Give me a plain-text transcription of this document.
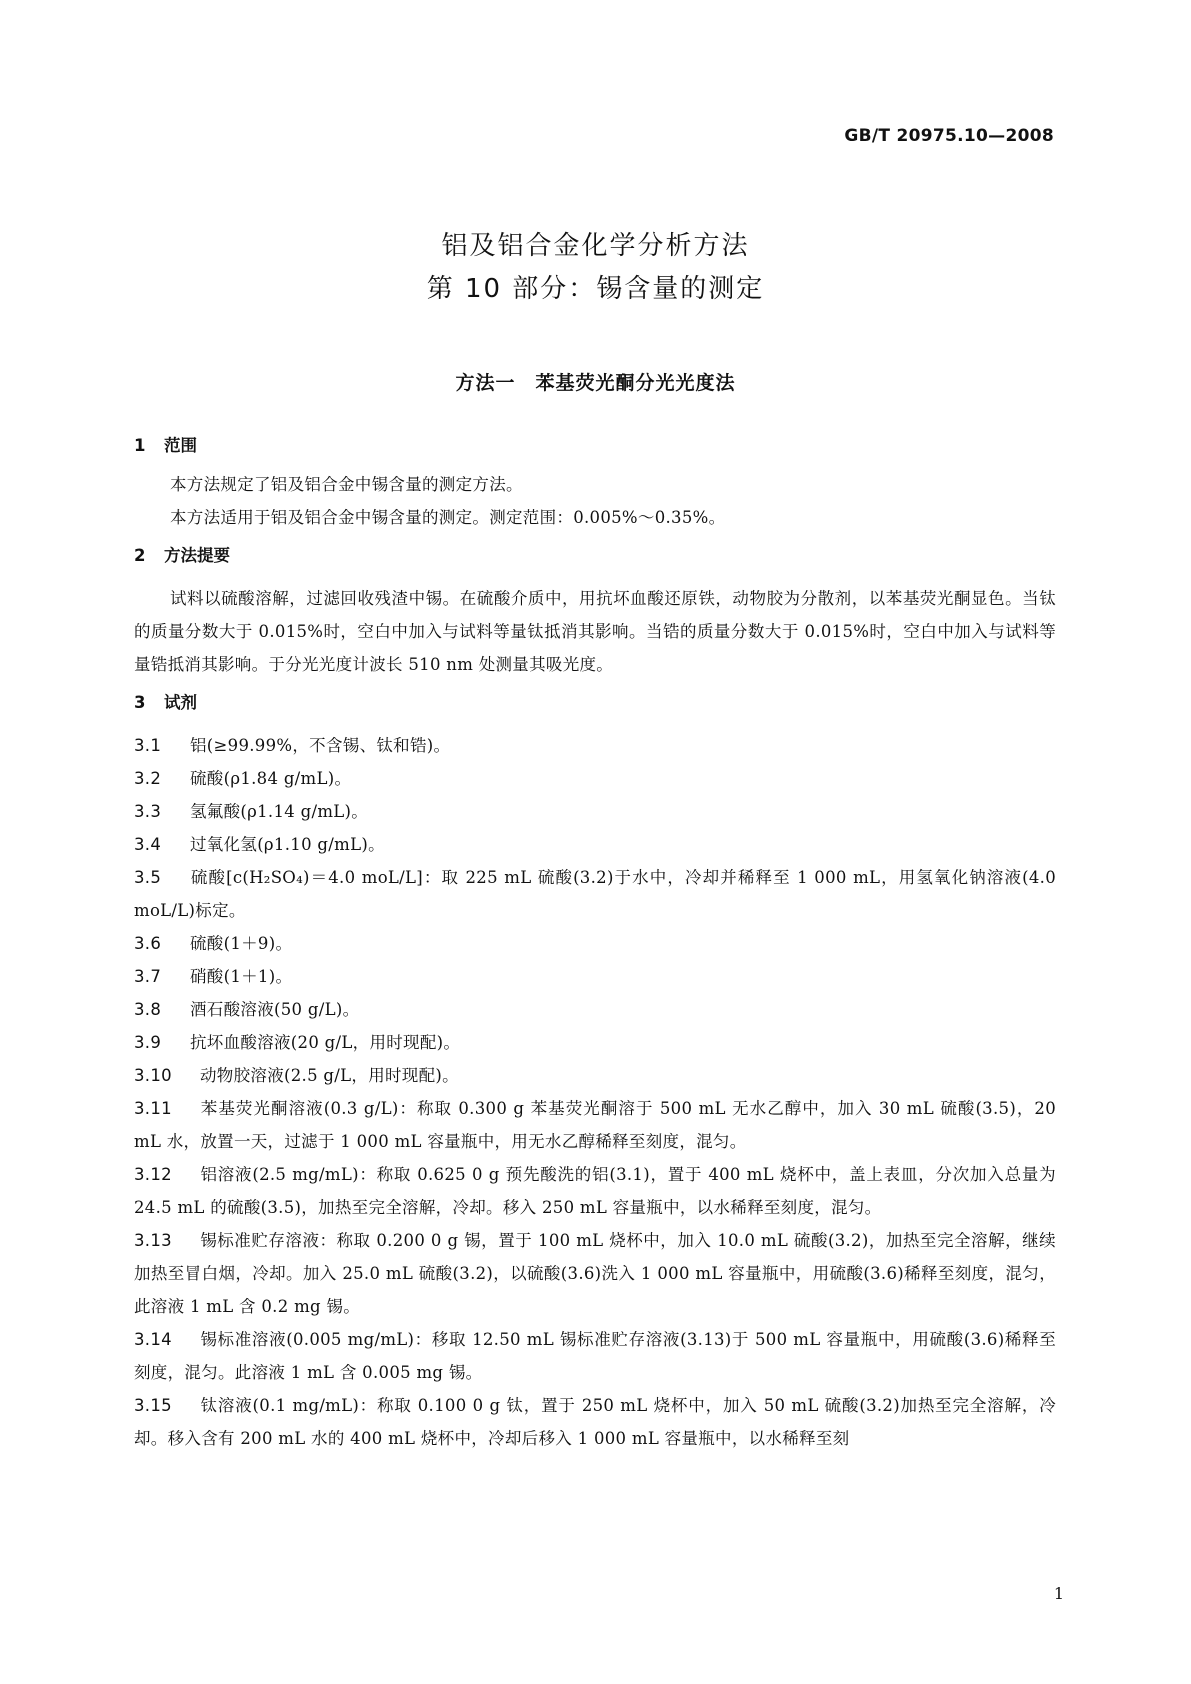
GB/T 20975.10—2008
铝及铝合金化学分析方法
第 10 部分：锡含量的测定
方法一　苯基荧光酮分光光度法
1 范围
本方法规定了铝及铝合金中锡含量的测定方法。
本方法适用于铝及铝合金中锡含量的测定。测定范围：0.005%～0.35%。
2 方法提要
试料以硫酸溶解，过滤回收残渣中锡。在硫酸介质中，用抗坏血酸还原铁，动物胶为分散剂，以苯基荧光酮显色。当钛的质量分数大于 0.015%时，空白中加入与试料等量钛抵消其影响。当锆的质量分数大于 0.015%时，空白中加入与试料等量锆抵消其影响。于分光光度计波长 510 nm 处测量其吸光度。
3 试剂
3.1 铝(≥99.99%，不含锡、钛和锆)。
3.2 硫酸(ρ1.84 g/mL)。
3.3 氢氟酸(ρ1.14 g/mL)。
3.4 过氧化氢(ρ1.10 g/mL)。
3.5 硫酸[c(H₂SO₄)＝4.0 moL/L]：取 225 mL 硫酸(3.2)于水中，冷却并稀释至 1 000 mL，用氢氧化钠溶液(4.0 moL/L)标定。
3.6 硫酸(1＋9)。
3.7 硝酸(1＋1)。
3.8 酒石酸溶液(50 g/L)。
3.9 抗坏血酸溶液(20 g/L，用时现配)。
3.10 动物胶溶液(2.5 g/L，用时现配)。
3.11 苯基荧光酮溶液(0.3 g/L)：称取 0.300 g 苯基荧光酮溶于 500 mL 无水乙醇中，加入 30 mL 硫酸(3.5)，20 mL 水，放置一天，过滤于 1 000 mL 容量瓶中，用无水乙醇稀释至刻度，混匀。
3.12 铝溶液(2.5 mg/mL)：称取 0.625 0 g 预先酸洗的铝(3.1)，置于 400 mL 烧杯中，盖上表皿，分次加入总量为 24.5 mL 的硫酸(3.5)，加热至完全溶解，冷却。移入 250 mL 容量瓶中，以水稀释至刻度，混匀。
3.13 锡标准贮存溶液：称取 0.200 0 g 锡，置于 100 mL 烧杯中，加入 10.0 mL 硫酸(3.2)，加热至完全溶解，继续加热至冒白烟，冷却。加入 25.0 mL 硫酸(3.2)，以硫酸(3.6)洗入 1 000 mL 容量瓶中，用硫酸(3.6)稀释至刻度，混匀，此溶液 1 mL 含 0.2 mg 锡。
3.14 锡标准溶液(0.005 mg/mL)：移取 12.50 mL 锡标准贮存溶液(3.13)于 500 mL 容量瓶中，用硫酸(3.6)稀释至刻度，混匀。此溶液 1 mL 含 0.005 mg 锡。
3.15 钛溶液(0.1 mg/mL)：称取 0.100 0 g 钛，置于 250 mL 烧杯中，加入 50 mL 硫酸(3.2)加热至完全溶解，冷却。移入含有 200 mL 水的 400 mL 烧杯中，冷却后移入 1 000 mL 容量瓶中，以水稀释至刻
1
